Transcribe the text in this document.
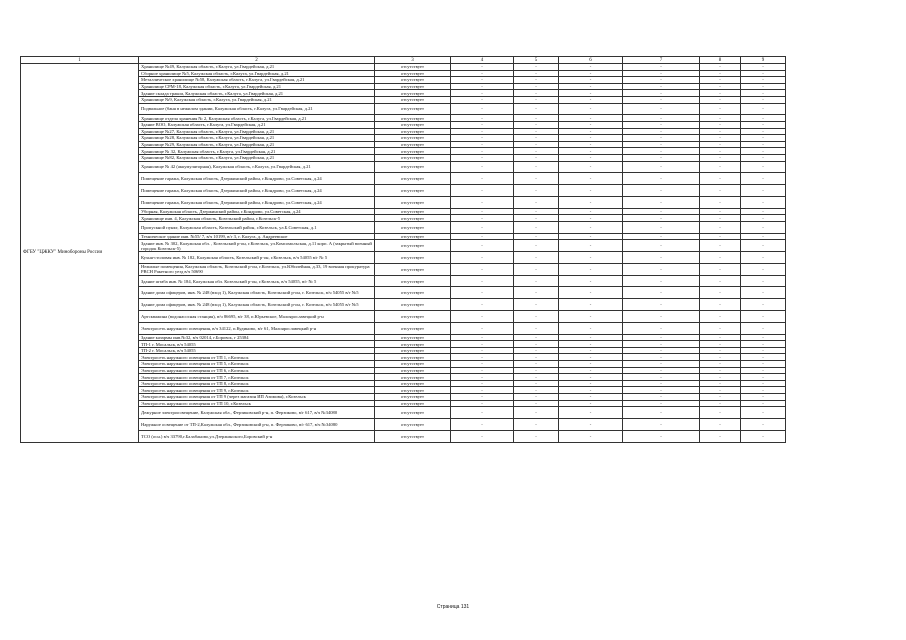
1	2	3	4	5	6	7	8	9
ФГБУ "ЦЖКУ" Минобороны России	Хранилище №49, Калужская область, г.Калуга, ул.Гвардейская, д.21	отсутствует	-	-	-	-	-	-
	Сборное хранилище №5, Калужская область, г.Калуга, ул.Гвардейская, д.21	отсутствует	-	-	-	-	-	-
	Металлическое хранилище №58, Калужская область, г.Калуга, ул.Гвардейская, д.21	отсутствует	-	-	-	-	-	-
	Хранилище СРМ-18, Калужская область, г.Калуга, ул.Гвардейская, д.21	отсутствует	-	-	-	-	-	-
	Здание склада тракои, Калужская область, г.Калуга, ул.Гвардейская, д.21	отсутствует	-	-	-	-	-	-
	Хранилище №9, Калужская область, г.Калуга, ул.Гвардейская, д.21	отсутствует	-	-	-	-	-	-
	Подвальное (баня в нежилом здании, Калужская область, г.Калуга, ул.Гвардейская, д.21	отсутствует	-	-	-	-	-	-
	Хранилище отдела хранения № 2, Калужская область, г.Калуга, ул.Гвардейская, д.21	отсутствует	-	-	-	-	-	-
	Здание ВОО, Калужская область, г.Калуга, ул.Гвардейская, д.21	отсутствует	-	-	-	-	-	-
	Хранилище №27, Калужская область, г.Калуга, ул.Гвардейская, д.21	отсутствует	-	-	-	-	-	-
	Хранилище №28, Калужская область, г.Калуга, ул.Гвардейская, д.21	отсутствует	-	-	-	-	-	-
	Хранилище №29, Калужская область, г.Калуга, ул.Гвардейская, д.21	отсутствует	-	-	-	-	-	-
	Хранилище № 32, Калужская область, г.Калуга, ул.Гвардейская, д.21	отсутствует	-	-	-	-	-	-
	Хранилище №82, Калужская область, г.Калуга, ул.Гвардейская, д.21	отсутствует	-	-	-	-	-	-
	Хранилище № 42 (аккумуляторная), Калужская область, г.Калуга, ул.Гвардейская, д.21	отсутствует	-	-	-	-	-	-
	Помещение гаража, Калужская область, Дзержинский район, г.Кондрово, ул.Советская, д.24	отсутствует	-	-	-	-	-	-
	Помещение гаража, Калужская область, Дзержинский район, г.Кондрово, ул.Советская, д.24	отсутствует	-	-	-	-	-	-
	Помещение гаража, Калужская область, Дзержинский район, г.Кондрово, ул.Советская, д.24	отсутствует	-	-	-	-	-	-
	Уборная, Калужская область, Дзержинский район, г.Кондрово, ул.Советская, д.24	отсутствует	-	-	-	-	-	-
	Хранилище инв. 4, Калужская область, Козельский район, г.Козельск-5	отсутствует	-	-	-	-	-	-
	Пропускной пункт, Калужская область, Козельский район, г.Козельск, ул.Б.Советская, д.1	отсутствует	-	-	-	-	-	-
	Техническое здание инв. №55/ 7, в/ч 10199, в/г 3, г. Калуга, д. Андреевское	отсутствует	-	-	-	-	-	-
	Здание инв. № 302, Калужская обл. , Козельский р-он, г.Козельск, ул.Комсомольская, д.11 корп. А (закрытый военный городок Козельск-5)	отсутствует	-	-	-	-	-	-
	Кухня-столовая инв. № 182, Калужская область, Козельский р-он, г.Козельск, в/ч 54055 в/г № 5	отсутствует	-	-	-	-	-	-
	Нежилые помещения, Калужская область, Козельский р-он, г.Козельск, ул.Юбилейная, д.33, 19 военная прокуратура РВСН Ракетного уезд в/ч 50690	отсутствует	-	-	-	-	-	-
	Здание штаба инв. № 184, Калужская обл. Козельский р-он, г.Козельск, в/ч 54055, в/г № 5	отсутствует	-	-	-	-	-	-
	Здание дома офицеров, инв. № 248 (вход 1), Калужская область, Козельский р-он, г. Козельск, в/ч 54055 в/г №5	отсутствует	-	-	-	-	-	-
	Здание дома офицеров, инв. № 248 (вход 1), Калужская область, Козельский р-он, г. Козельск, в/ч 54055 в/г №5	отсутствует	-	-	-	-	-	-
	Артскважина (водонасосная станция), в/ч 86695, в/г 38, п.Юрьевское, Малоярославецкий р-н	отсутствует	-	-	-	-	-	-
	Электросеть наружного освещения, в/ч 34122, п.Кудиново, в/г 61, Малоярославецкий р-н	отсутствует	-	-	-	-	-	-
	Здание казармы инв.№32, в/ч 02014, г.Боровск, г 25384	отсутствует	-	-	-	-	-	-
	ТП-1 г. Мосальск, в/ч 54055	отсутствует	-	-	-	-	-	-
	ТП-2 г. Мосальск, в/ч 54055	отсутствует	-	-	-	-	-	-
	Электросеть наружного освещения от ТП 1, г.Козельск	отсутствует	-	-	-	-	-	-
	Электросеть наружного освещения от ТП 5, г.Козельск	отсутствует	-	-	-	-	-	-
	Электросеть наружного освещения от ТП 6, г.Козельск	отсутствует	-	-	-	-	-	-
	Электросеть наружного освещения от ТП 7, г.Козельск	отсутствует	-	-	-	-	-	-
	Электросеть наружного освещения от ТП 8, г.Козельск	отсутствует	-	-	-	-	-	-
	Электросеть наружного освещения от ТП 9, г.Козельск	отсутствует	-	-	-	-	-	-
	Электросеть наружного освещения от ТП 9 (через магазин ИП Азимова), г.Козельск	отсутствует	-	-	-	-	-	-
	Электросеть наружного освещения от ТП 10, г.Козельск	отсутствует	-	-	-	-	-	-
	Дежурное электроосвещение, Калужская обл., Ферзиковский р-н, п. Ферзиково, в/г 617, в/ч №34080	отсутствует	-	-	-	-	-	-
	Наружное освещение от ТП-2,Калужская обл., Ферзиковский р-н, п. Ферзиково, в/г 617, в/ч №34080	отсутствует	-	-	-	-	-	-
	ТСО (осн.) в/ч 33790,г.Балабаново,ул.Дзержинского,Боровский р-н	отсутствует	-	-	-	-	-	-
Страница 131
